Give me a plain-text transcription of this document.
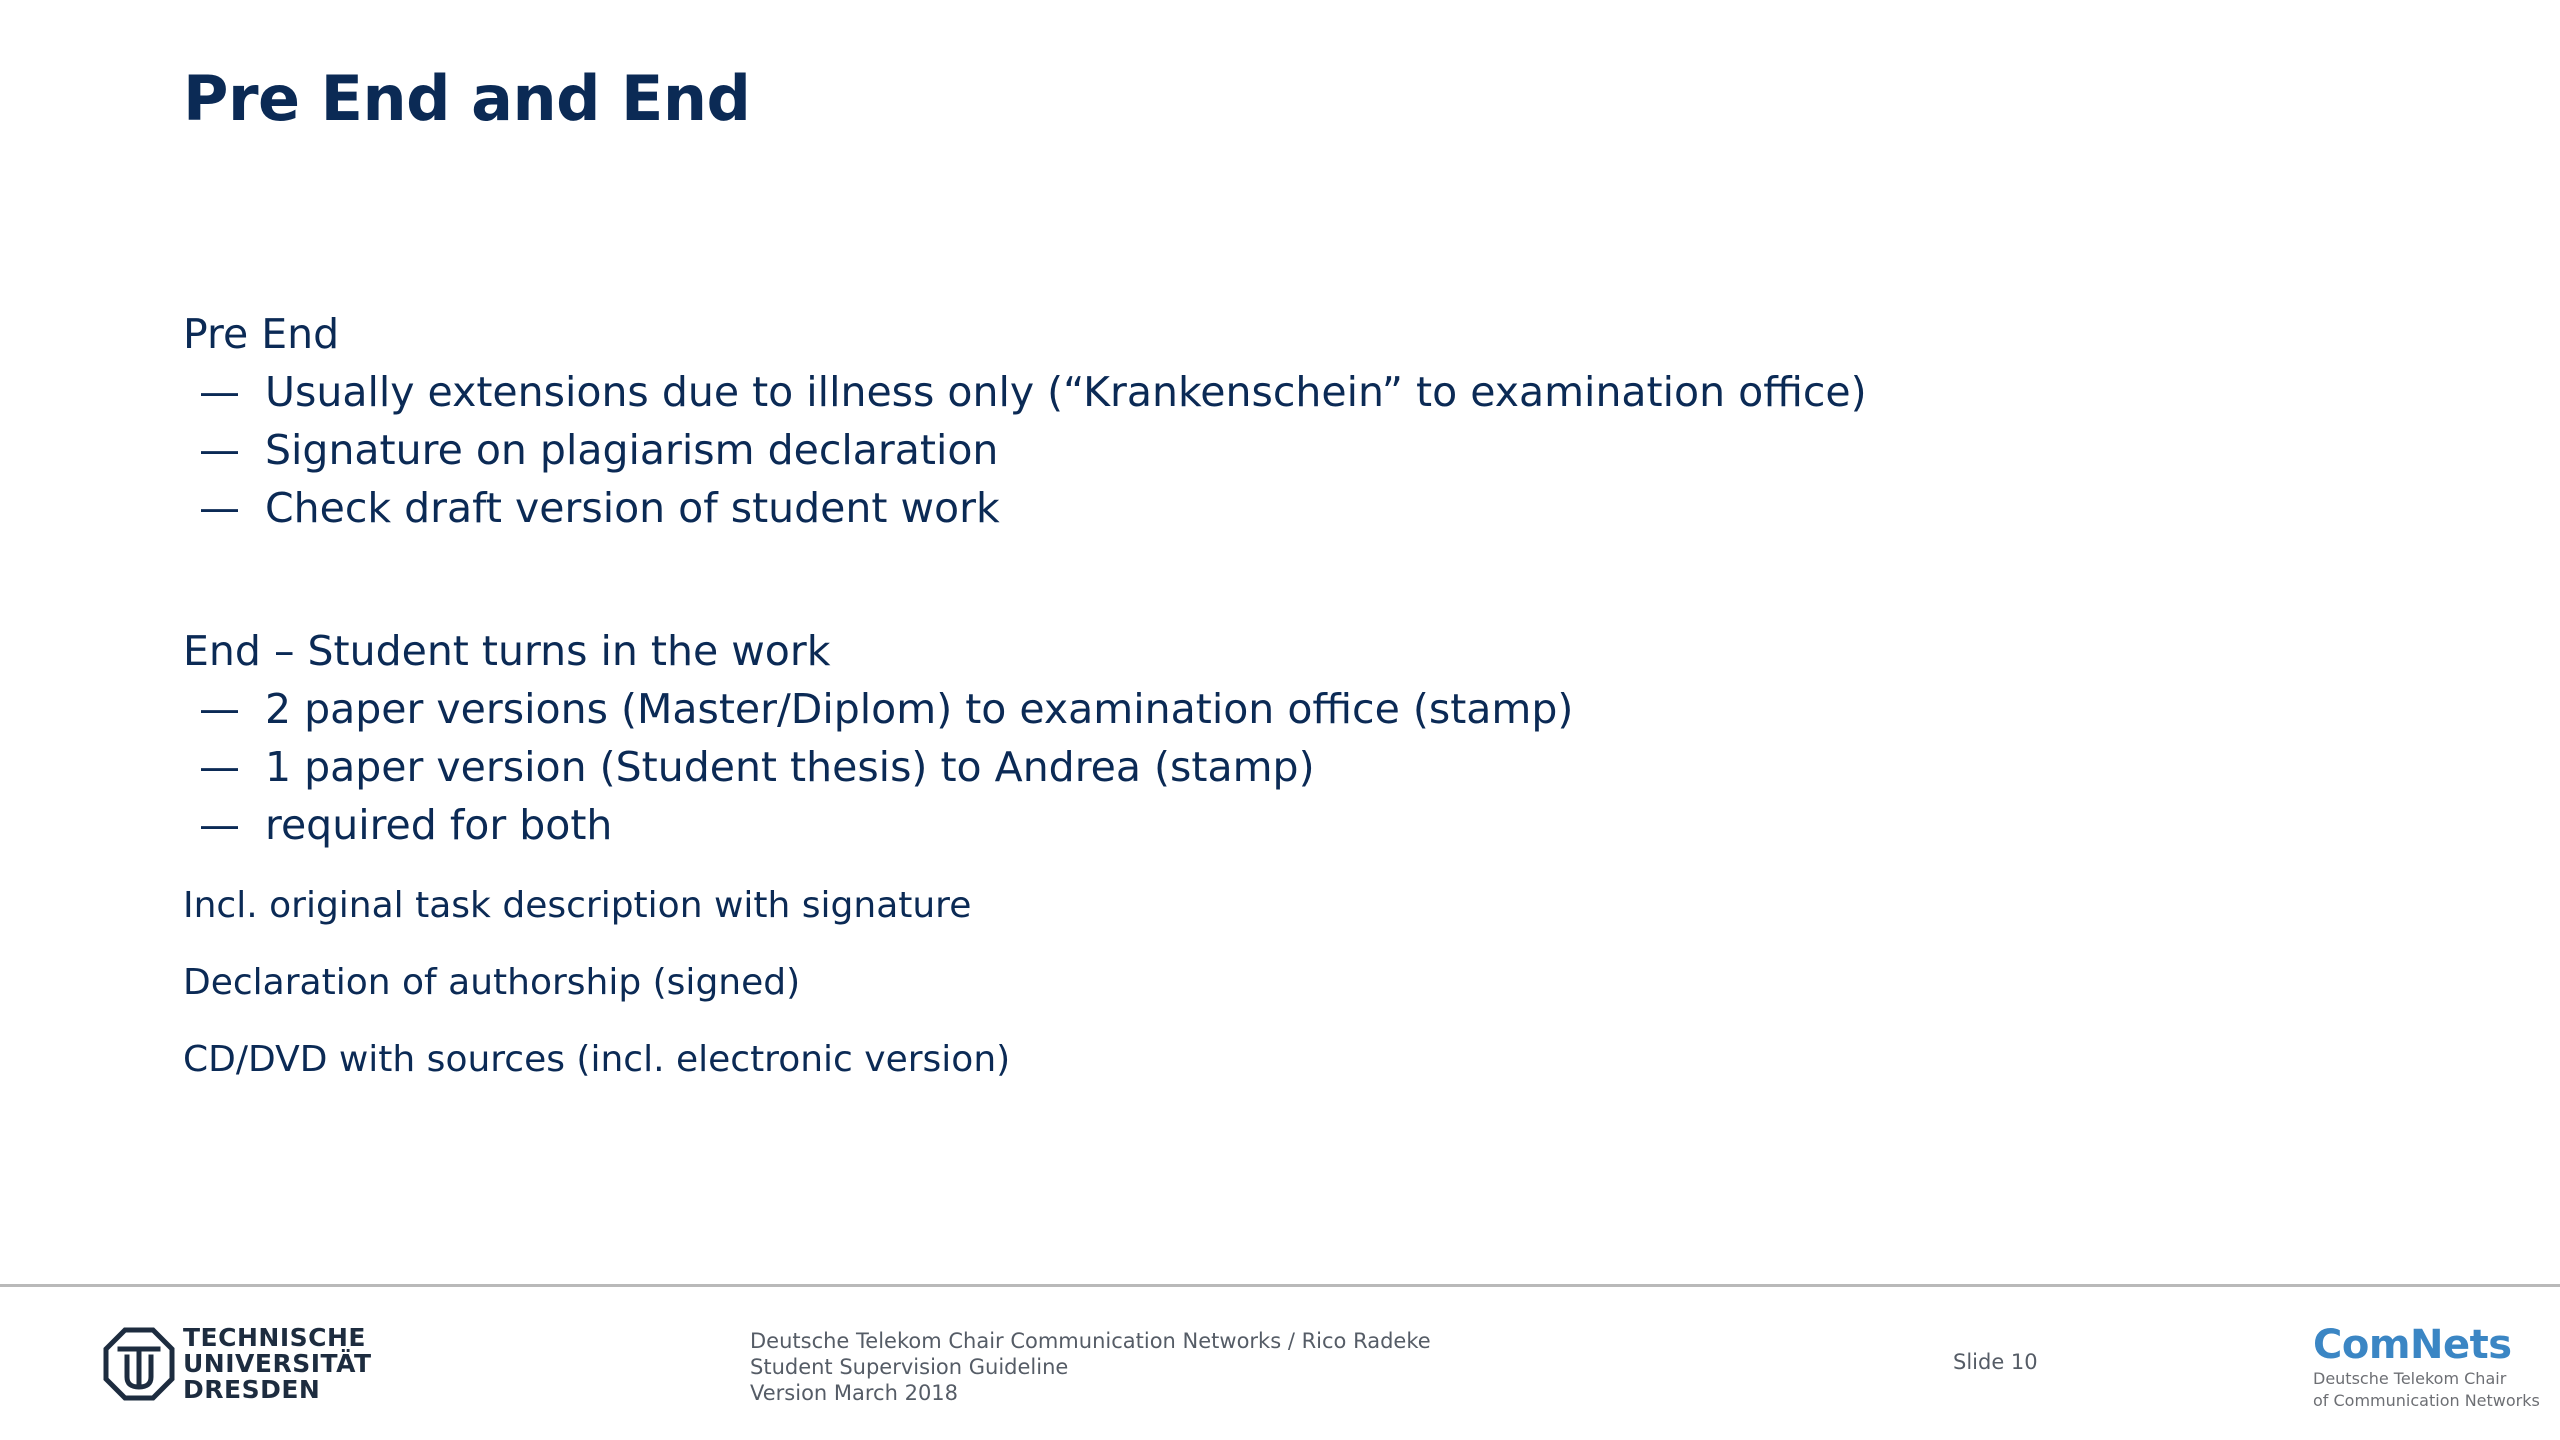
Pre End and End
Pre End
— Usually extensions due to illness only (“Krankenschein” to examination office)
— Signature on plagiarism declaration
— Check draft version of student work
End – Student turns in the work
— 2 paper versions (Master/Diplom) to examination office (stamp)
— 1 paper version (Student thesis) to Andrea (stamp)
— required for both
Incl. original task description with signature
Declaration of authorship (signed)
CD/DVD with sources (incl. electronic version)
TECHNISCHE
UNIVERSITÄT
DRESDEN
Deutsche Telekom Chair Communication Networks / Rico Radeke
Student Supervision Guideline
Version March 2018
Slide 10	ComNets
Deutsche Telekom Chair
of Communication Networks
